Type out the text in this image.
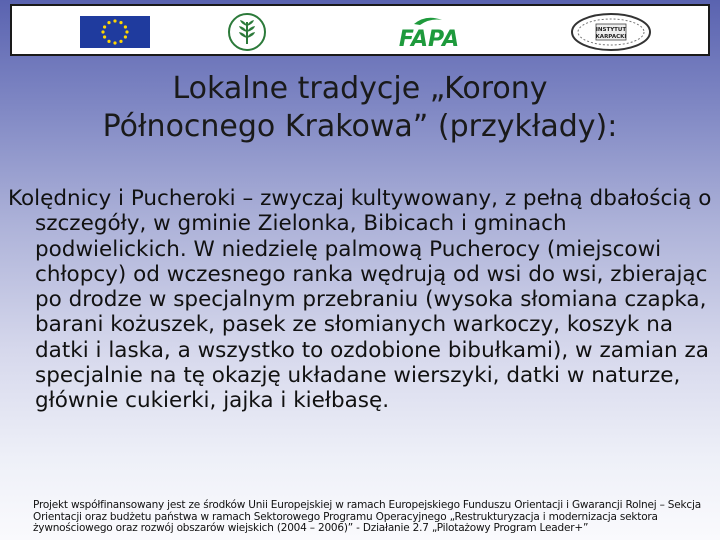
FAPA	INSTYTUT
KARPACKI
Lokalne tradycje „Korony
Północnego Krakowa” (przykłady):
Kolędnicy i Pucheroki – zwyczaj kultywowany, z pełną dbałością o szczegóły, w gminie Zielonka, Bibicach i gminach podwielickich. W niedzielę palmową Pucherocy (miejscowi chłopcy) od wczesnego ranka wędrują od wsi do wsi, zbierając po drodze w specjalnym przebraniu (wysoka słomiana czapka, barani kożuszek, pasek ze słomianych warkoczy, koszyk na datki i laska, a wszystko to ozdobione bibułkami), w zamian za specjalnie na tę okazję układane wierszyki, datki w naturze, głównie cukierki, jajka i kiełbasę.
Projekt współfinansowany jest ze środków Unii Europejskiej w ramach Europejskiego Funduszu Orientacji i Gwarancji Rolnej – Sekcja Orientacji oraz budżetu państwa w ramach Sektorowego Programu Operacyjnego „Restrukturyzacja i modernizacja sektora żywnościowego oraz rozwój obszarów wiejskich (2004 – 2006)” - Działanie 2.7 „Pilotażowy Program Leader+”
